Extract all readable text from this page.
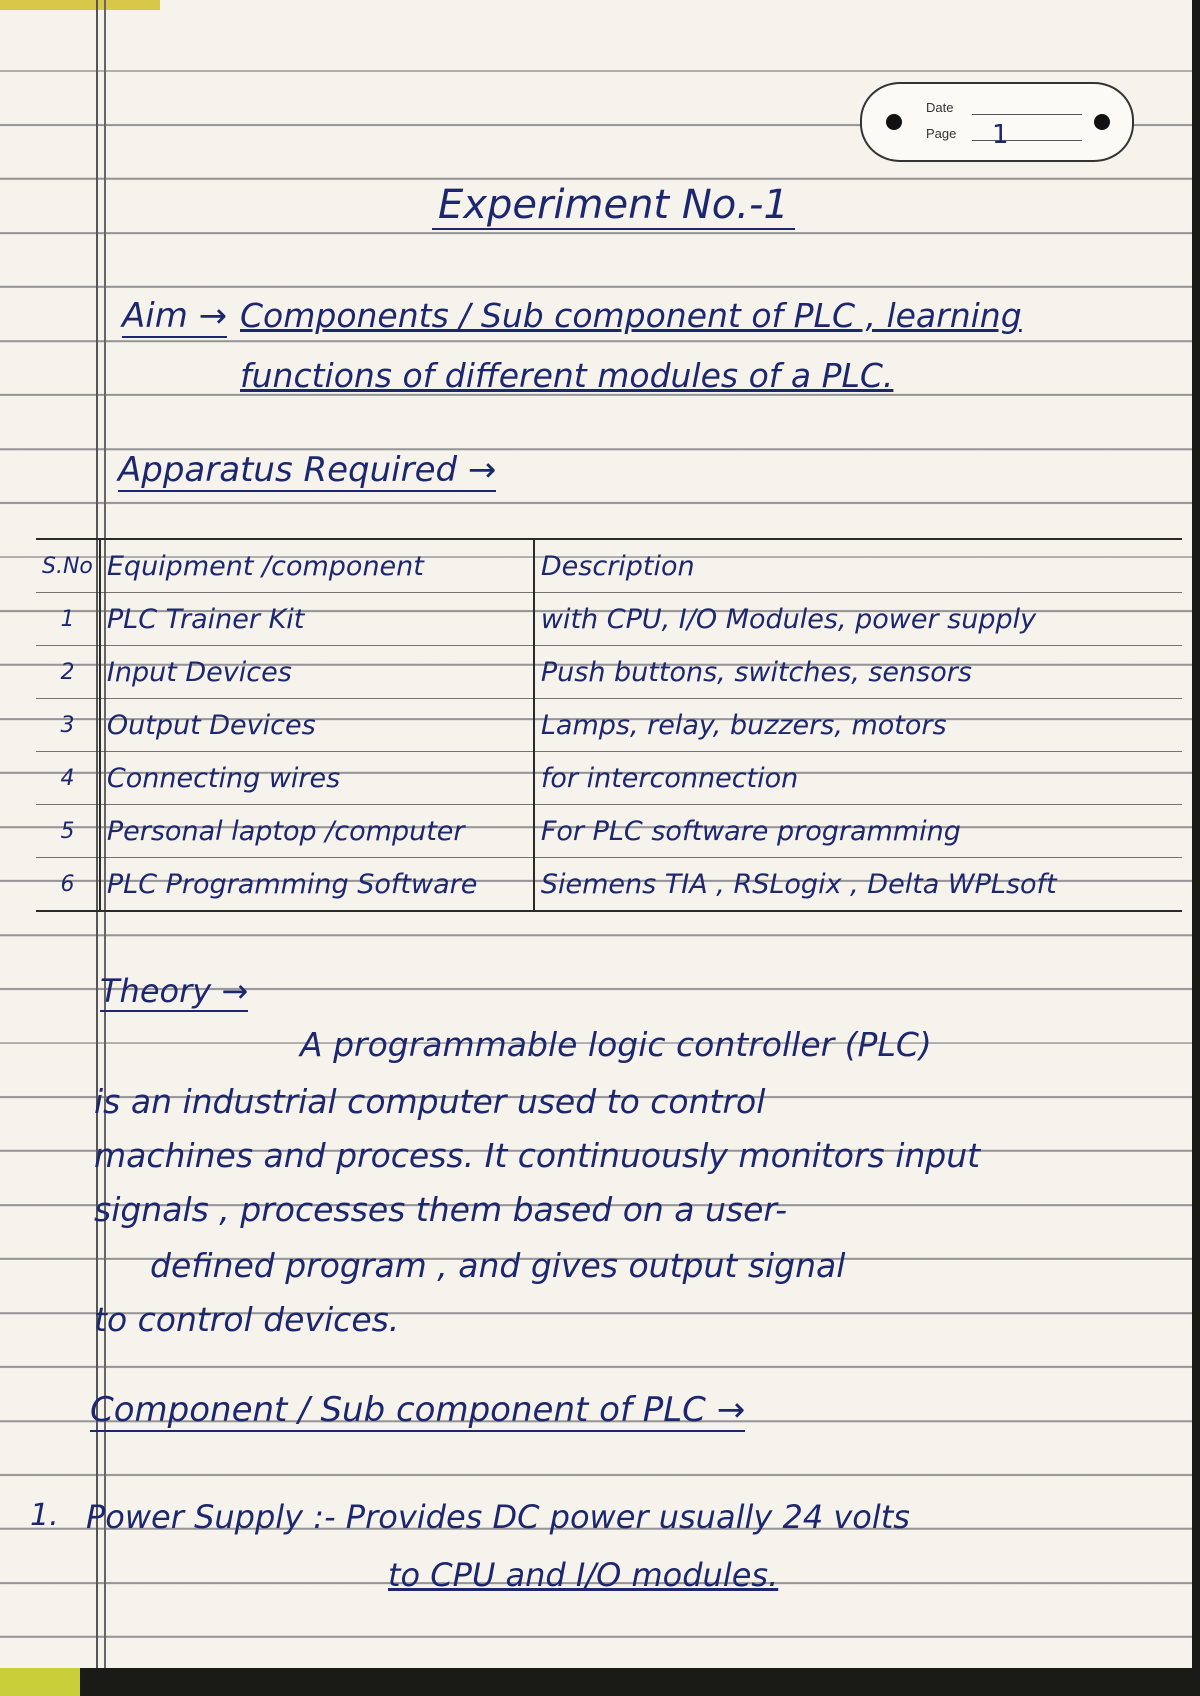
Date
Page 1
Experiment No.-1
Aim → Components / Sub component of PLC , learning
functions of different modules of a PLC.
Apparatus Required →
S.No	Equipment /component	Description
1	PLC Trainer Kit	with CPU, I/O Modules, power supply
2	Input Devices	Push buttons, switches, sensors
3	Output Devices	Lamps, relay, buzzers, motors
4	Connecting wires	for interconnection
5	Personal laptop /computer	For PLC software programming
6	PLC Programming Software	Siemens TIA , RSLogix , Delta WPLsoft
Theory →
A programmable logic controller (PLC)
is an industrial computer used to control
machines and process. It continuously monitors input
signals , processes them based on a user-
defined program , and gives output signal
to control devices.
Component / Sub component of PLC →
1. Power Supply :- Provides DC power usually 24 volts
to CPU and I/O modules.
